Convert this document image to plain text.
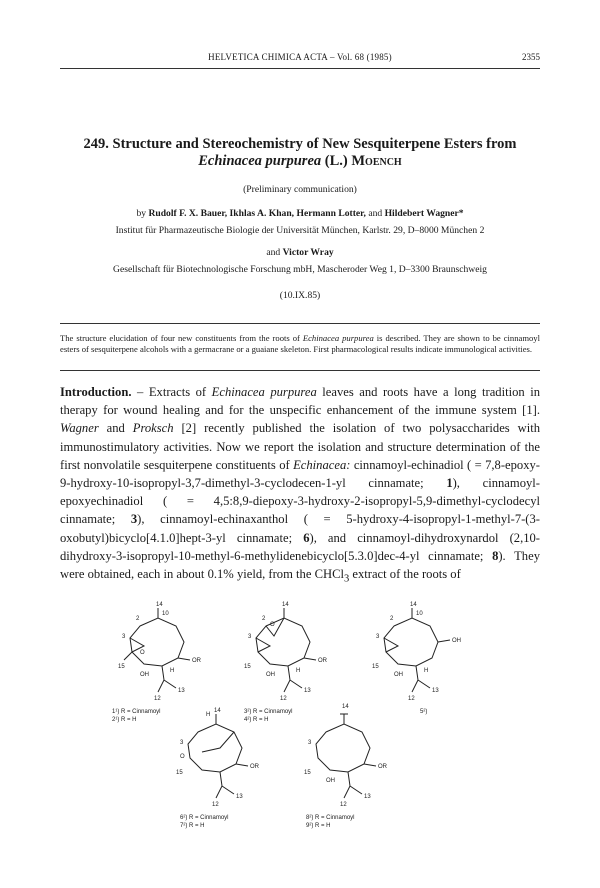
HELVETICA CHIMICA ACTA – Vol. 68 (1985)	2355
249. Structure and Stereochemistry of New Sesquiterpene Esters from
Echinacea purpurea (L.) Moench
(Preliminary communication)
by Rudolf F. X. Bauer, Ikhlas A. Khan, Hermann Lotter, and Hildebert Wagner*
Institut für Pharmazeutische Biologie der Universität München, Karlstr. 29, D–8000 München 2
and Victor Wray
Gesellschaft für Biotechnologische Forschung mbH, Mascheroder Weg 1, D–3300 Braunschweig
(10.IX.85)
The structure elucidation of four new constituents from the roots of Echinacea purpurea is described. They are shown to be cinnamoyl esters of sesquiterpene alcohols with a germacrane or a guaiane skeleton. First pharmacological results indicate immunological activities.
Introduction. – Extracts of Echinacea purpurea leaves and roots have a long tradition in therapy for wound healing and for the unspecific enhancement of the immune system [1]. Wagner and Proksch [2] recently published the isolation of two polysaccharides with immunostimulatory activities. Now we report the isolation and structure determination of the first nonvolatile sesquiterpene constituents of Echinacea: cinnamoyl-echinadiol ( = 7,8-epoxy-9-hydroxy-10-isopropyl-3,7-dimethyl-3-cyclodecen-1-yl cinnamate; 1), cinnamoyl-epoxyechinadiol ( = 4,5:8,9-diepoxy-3-hydroxy-2-isopropyl-5,9-dimethyl-cyclodecyl cinnamate; 3), cinnamoyl-echinaxanthol ( = 5-hydroxy-4-isopropyl-1-methyl-7-(3-oxobutyl)bicyclo[4.1.0]hept-3-yl cinnamate; 6), and cinnamoyl-dihydroxynardol (2,10-dihydroxy-3-isopropyl-10-methyl-6-methylidenebicyclo[5.3.0]dec-4-yl cinnamate; 8). They were obtained, each in about 0.1% yield, from the CHCl$_3$ extract of the roots of
14
10
2
3
O
15
OR
OH
H
13
12
14
O
2
3
15
OR
OH
H
13
12
14
10
2
3
15
OH
OH
H
13
12
H
14
3
O
15
OR
13
12
14
3
15
OR
OH
13
12
1¹) R = Cinnamoyl
2¹) R = H
3²) R = Cinnamoyl
4²) R = H
5²)
6²) R = Cinnamoyl
7²) R = H
8²) R = Cinnamoyl
9²) R = H
